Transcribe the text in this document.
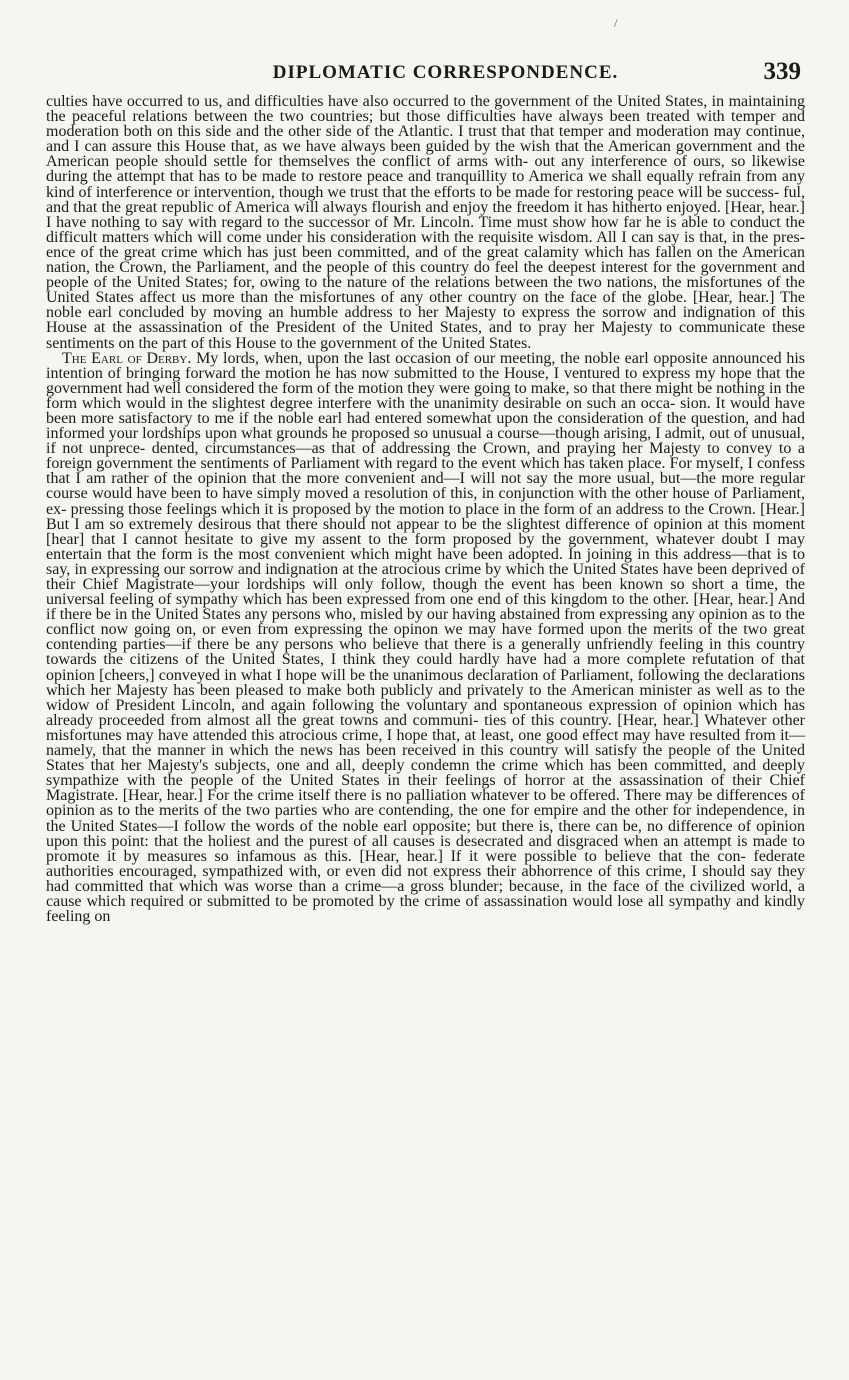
/
DIPLOMATIC CORRESPONDENCE.	339

culties have occurred to us, and difficulties have also occurred to the government of the United States, in maintaining the peaceful relations between the two countries; but those difficulties have always been treated with temper and moderation both on this side and the other side of the Atlantic. I trust that that temper and moderation may continue, and I can assure this House that, as we have always been guided by the wish that the American government and the American people should settle for themselves the conflict of arms with- out any interference of ours, so likewise during the attempt that has to be made to restore peace and tranquillity to America we shall equally refrain from any kind of interference or intervention, though we trust that the efforts to be made for restoring peace will be success- ful, and that the great republic of America will always flourish and enjoy the freedom it has hitherto enjoyed. [Hear, hear.] I have nothing to say with regard to the successor of Mr. Lincoln. Time must show how far he is able to conduct the difficult matters which will come under his consideration with the requisite wisdom. All I can say is that, in the pres- ence of the great crime which has just been committed, and of the great calamity which has fallen on the American nation, the Crown, the Parliament, and the people of this country do feel the deepest interest for the government and people of the United States; for, owing to the nature of the relations between the two nations, the misfortunes of the United States affect us more than the misfortunes of any other country on the face of the globe. [Hear, hear.] The noble earl concluded by moving an humble address to her Majesty to express the sorrow and indignation of this House at the assassination of the President of the United States, and to pray her Majesty to communicate these sentiments on the part of this House to the government of the United States.

The Earl of Derby. My lords, when, upon the last occasion of our meeting, the noble earl opposite announced his intention of bringing forward the motion he has now submitted to the House, I ventured to express my hope that the government had well considered the form of the motion they were going to make, so that there might be nothing in the form which would in the slightest degree interfere with the unanimity desirable on such an occa- sion. It would have been more satisfactory to me if the noble earl had entered somewhat upon the consideration of the question, and had informed your lordships upon what grounds he proposed so unusual a course—though arising, I admit, out of unusual, if not unprece- dented, circumstances—as that of addressing the Crown, and praying her Majesty to convey to a foreign government the sentiments of Parliament with regard to the event which has taken place. For myself, I confess that I am rather of the opinion that the more convenient and—I will not say the more usual, but—the more regular course would have been to have simply moved a resolution of this, in conjunction with the other house of Parliament, ex- pressing those feelings which it is proposed by the motion to place in the form of an address to the Crown. [Hear.] But I am so extremely desirous that there should not appear to be the slightest difference of opinion at this moment [hear] that I cannot hesitate to give my assent to the form proposed by the government, whatever doubt I may entertain that the form is the most convenient which might have been adopted. In joining in this address—that is to say, in expressing our sorrow and indignation at the atrocious crime by which the United States have been deprived of their Chief Magistrate—your lordships will only follow, though the event has been known so short a time, the universal feeling of sympathy which has been expressed from one end of this kingdom to the other. [Hear, hear.] And if there be in the United States any persons who, misled by our having abstained from expressing any opinion as to the conflict now going on, or even from expressing the opinon we may have formed upon the merits of the two great contending parties—if there be any persons who believe that there is a generally unfriendly feeling in this country towards the citizens of the United States, I think they could hardly have had a more complete refutation of that opinion [cheers,] conveyed in what I hope will be the unanimous declaration of Parliament, following the declarations which her Majesty has been pleased to make both publicly and privately to the American minister as well as to the widow of President Lincoln, and again following the voluntary and spontaneous expression of opinion which has already proceeded from almost all the great towns and communi- ties of this country. [Hear, hear.] Whatever other misfortunes may have attended this atrocious crime, I hope that, at least, one good effect may have resulted from it— namely, that the manner in which the news has been received in this country will satisfy the people of the United States that her Majesty's subjects, one and all, deeply condemn the crime which has been committed, and deeply sympathize with the people of the United States in their feelings of horror at the assassination of their Chief Magistrate. [Hear, hear.] For the crime itself there is no palliation whatever to be offered. There may be differences of opinion as to the merits of the two parties who are contending, the one for empire and the other for independence, in the United States—I follow the words of the noble earl opposite; but there is, there can be, no difference of opinion upon this point: that the holiest and the purest of all causes is desecrated and disgraced when an attempt is made to promote it by measures so infamous as this. [Hear, hear.] If it were possible to believe that the con- federate authorities encouraged, sympathized with, or even did not express their abhorrence of this crime, I should say they had committed that which was worse than a crime—a gross blunder; because, in the face of the civilized world, a cause which required or submitted to be promoted by the crime of assassination would lose all sympathy and kindly feeling on
